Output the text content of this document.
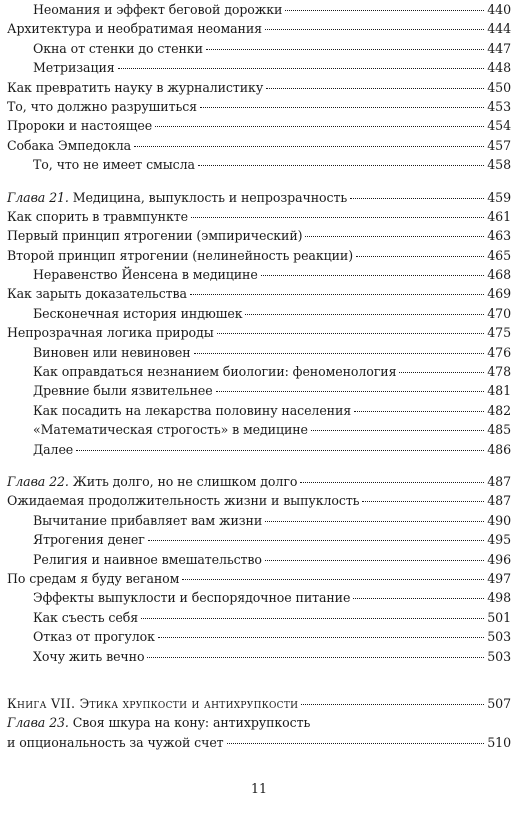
Неомания и эффект беговой дорожки	440
Архитектура и необратимая неомания	444
Окна от стенки до стенки	447
Метризация	448
Как превратить науку в журналистику	450
То, что должно разрушиться	453
Пророки и настоящее	454
Собака Эмпедокла	457
То, что не имеет смысла	458
Глава 21. Медицина, выпуклость и непрозрачность	459
Как спорить в травмпункте	461
Первый принцип ятрогении (эмпирический)	463
Второй принцип ятрогении (нелинейность реакции)	465
Неравенство Йенсена в медицине	468
Как зарыть доказательства	469
Бесконечная история индюшек	470
Непрозрачная логика природы	475
Виновен или невиновен	476
Как оправдаться незнанием биологии: феноменология	478
Древние были язвительнее	481
Как посадить на лекарства половину населения	482
«Математическая строгость» в медицине	485
Далее	486
Глава 22. Жить долго, но не слишком долго	487
Ожидаемая продолжительность жизни и выпуклость	487
Вычитание прибавляет вам жизни	490
Ятрогения денег	495
Религия и наивное вмешательство	496
По средам я буду веганом	497
Эффекты выпуклости и беспорядочное питание	498
Как съесть себя	501
Отказ от прогулок	503
Хочу жить вечно	503
Книга VII. Этика хрупкости и антихрупкости	507
Глава 23. Своя шкура на кону: антихрупкость
и опциональность за чужой счет	510
11
